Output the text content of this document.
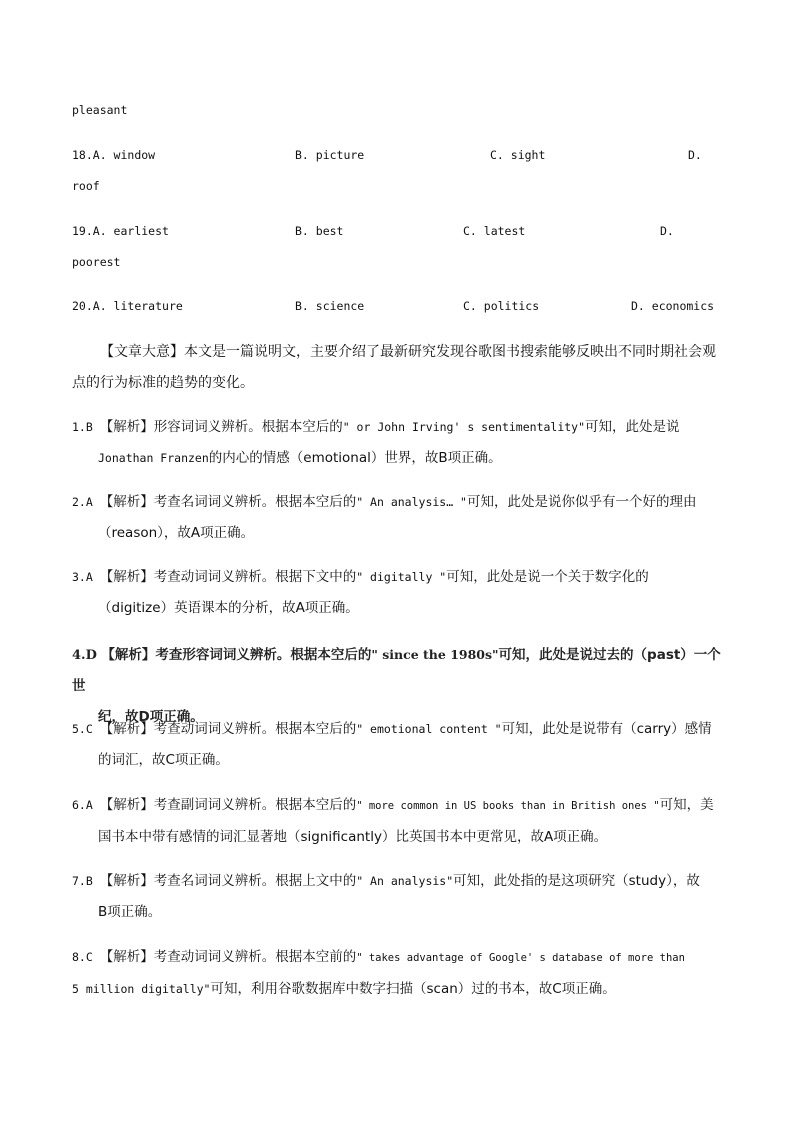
pleasant
18.A. window	B. picture	C. sight	D.
roof
19.A. earliest	B. best	C. latest	D.
poorest
20.A. literature	B. science	C. politics	D. economics
【文章大意】本文是一篇说明文，主要介绍了最新研究发现谷歌图书搜索能够反映出不同时期社会观
点的行为标准的趋势的变化。
1.B 【解析】形容词词义辨析。根据本空后的" or John Irving' s sentimentality"可知，此处是说
Jonathan Franzen的内心的情感（emotional）世界，故B项正确。
2.A 【解析】考查名词词义辨析。根据本空后的" An analysis… "可知，此处是说你似乎有一个好的理由
（reason），故A项正确。
3.A 【解析】考查动词词义辨析。根据下文中的" digitally "可知，此处是说一个关于数字化的
（digitize）英语课本的分析，故A项正确。
4.D 【解析】考查形容词词义辨析。根据本空后的" since the 1980s"可知，此处是说过去的（past）一个世
纪，故D项正确。
5.C 【解析】考查动词词义辨析。根据本空后的" emotional content "可知，此处是说带有（carry）感情
的词汇，故C项正确。
6.A 【解析】考查副词词义辨析。根据本空后的" more common in US books than in British ones "可知，美
国书本中带有感情的词汇显著地（significantly）比英国书本中更常见，故A项正确。
7.B 【解析】考查名词词义辨析。根据上文中的" An analysis"可知，此处指的是这项研究（study），故
B项正确。
8.C 【解析】考查动词词义辨析。根据本空前的" takes advantage of Google' s database of more than
5 million digitally"可知，利用谷歌数据库中数字扫描（scan）过的书本，故C项正确。
